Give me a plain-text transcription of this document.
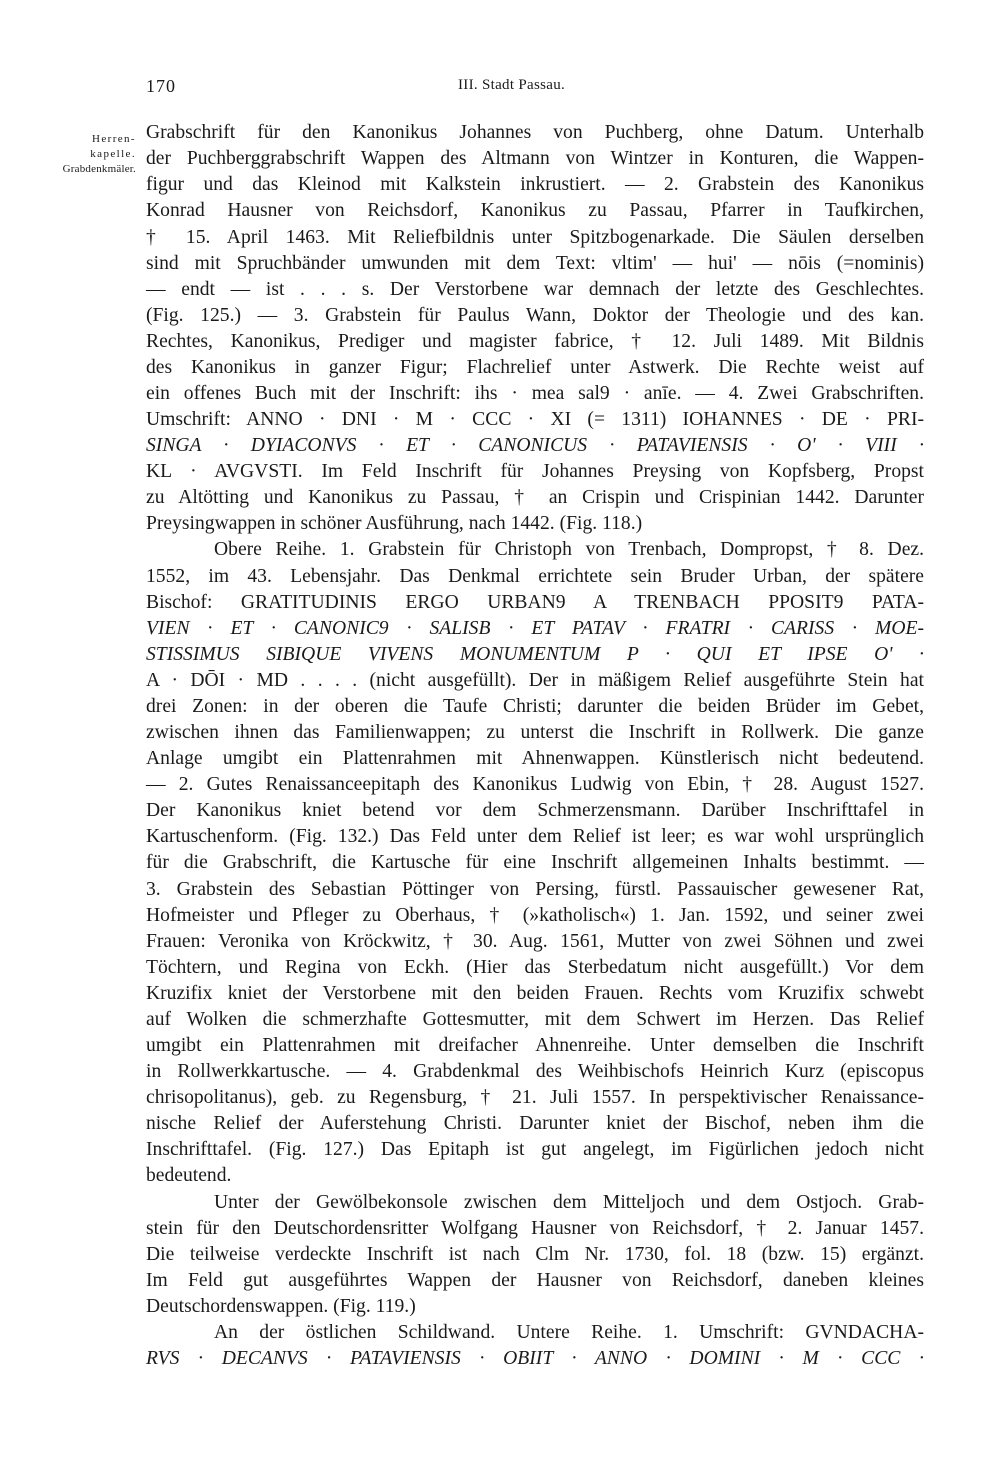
170	III. Stadt Passau.
Herren-
kapelle.
Grabdenkmäler.
Grabschrift für den Kanonikus Johannes von Puchberg, ohne Datum. Unterhalb
der Puchberggrabschrift Wappen des Altmann von Wintzer in Konturen, die Wappen-
figur und das Kleinod mit Kalkstein inkrustiert. — 2. Grabstein des Kanonikus
Konrad Hausner von Reichsdorf, Kanonikus zu Passau, Pfarrer in Taufkirchen,
† 15. April 1463. Mit Reliefbildnis unter Spitzbogenarkade. Die Säulen derselben
sind mit Spruchbänder umwunden mit dem Text: vltim' — hui' — nōis (=nominis)
— endt — ist . . . s. Der Verstorbene war demnach der letzte des Geschlechtes.
(Fig. 125.) — 3. Grabstein für Paulus Wann, Doktor der Theologie und des kan.
Rechtes, Kanonikus, Prediger und magister fabrice, † 12. Juli 1489. Mit Bildnis
des Kanonikus in ganzer Figur; Flachrelief unter Astwerk. Die Rechte weist auf
ein offenes Buch mit der Inschrift: ihs · mea sal9 · anīe. — 4. Zwei Grabschriften.
Umschrift: ANNO · DNI · M · CCC · XI (= 1311) IOHANNES · DE · PRI-
SINGA · DYIACONVS · ET · CANONICUS · PATAVIENSIS · O' · VIII ·
KL · AVGVSTI. Im Feld Inschrift für Johannes Preysing von Kopfsberg, Propst
zu Altötting und Kanonikus zu Passau, † an Crispin und Crispinian 1442. Darunter
Preysingwappen in schöner Ausführung, nach 1442. (Fig. 118.)
Obere Reihe. 1. Grabstein für Christoph von Trenbach, Dompropst, † 8. Dez.
1552, im 43. Lebensjahr. Das Denkmal errichtete sein Bruder Urban, der spätere
Bischof: GRATITUDINIS ERGO URBAN9 A TRENBACH PPOSIT9 PATA-
VIEN · ET · CANONIC9 · SALISB · ET PATAV · FRATRI · CARISS · MOE-
STISSIMUS SIBIQUE VIVENS MONUMENTUM P · QUI ET IPSE O' ·
A · DŌI · MD . . . . (nicht ausgefüllt). Der in mäßigem Relief ausgeführte Stein hat
drei Zonen: in der oberen die Taufe Christi; darunter die beiden Brüder im Gebet,
zwischen ihnen das Familienwappen; zu unterst die Inschrift in Rollwerk. Die ganze
Anlage umgibt ein Plattenrahmen mit Ahnenwappen. Künstlerisch nicht bedeutend.
— 2. Gutes Renaissanceepitaph des Kanonikus Ludwig von Ebin, † 28. August 1527.
Der Kanonikus kniet betend vor dem Schmerzensmann. Darüber Inschrifttafel in
Kartuschenform. (Fig. 132.) Das Feld unter dem Relief ist leer; es war wohl ursprünglich
für die Grabschrift, die Kartusche für eine Inschrift allgemeinen Inhalts bestimmt. —
3. Grabstein des Sebastian Pöttinger von Persing, fürstl. Passauischer gewesener Rat,
Hofmeister und Pfleger zu Oberhaus, † (»katholisch«) 1. Jan. 1592, und seiner zwei
Frauen: Veronika von Kröckwitz, † 30. Aug. 1561, Mutter von zwei Söhnen und zwei
Töchtern, und Regina von Eckh. (Hier das Sterbedatum nicht ausgefüllt.) Vor dem
Kruzifix kniet der Verstorbene mit den beiden Frauen. Rechts vom Kruzifix schwebt
auf Wolken die schmerzhafte Gottesmutter, mit dem Schwert im Herzen. Das Relief
umgibt ein Plattenrahmen mit dreifacher Ahnenreihe. Unter demselben die Inschrift
in Rollwerkkartusche. — 4. Grabdenkmal des Weihbischofs Heinrich Kurz (episcopus
chrisopolitanus), geb. zu Regensburg, † 21. Juli 1557. In perspektivischer Renaissance-
nische Relief der Auferstehung Christi. Darunter kniet der Bischof, neben ihm die
Inschrifttafel. (Fig. 127.) Das Epitaph ist gut angelegt, im Figürlichen jedoch nicht
bedeutend.
Unter der Gewölbekonsole zwischen dem Mitteljoch und dem Ostjoch. Grab-
stein für den Deutschordensritter Wolfgang Hausner von Reichsdorf, † 2. Januar 1457.
Die teilweise verdeckte Inschrift ist nach Clm Nr. 1730, fol. 18 (bzw. 15) ergänzt.
Im Feld gut ausgeführtes Wappen der Hausner von Reichsdorf, daneben kleines
Deutschordenswappen. (Fig. 119.)
An der östlichen Schildwand. Untere Reihe. 1. Umschrift: GVNDACHA-
RVS · DECANVS · PATAVIENSIS · OBIIT · ANNO · DOMINI · M · CCC ·
